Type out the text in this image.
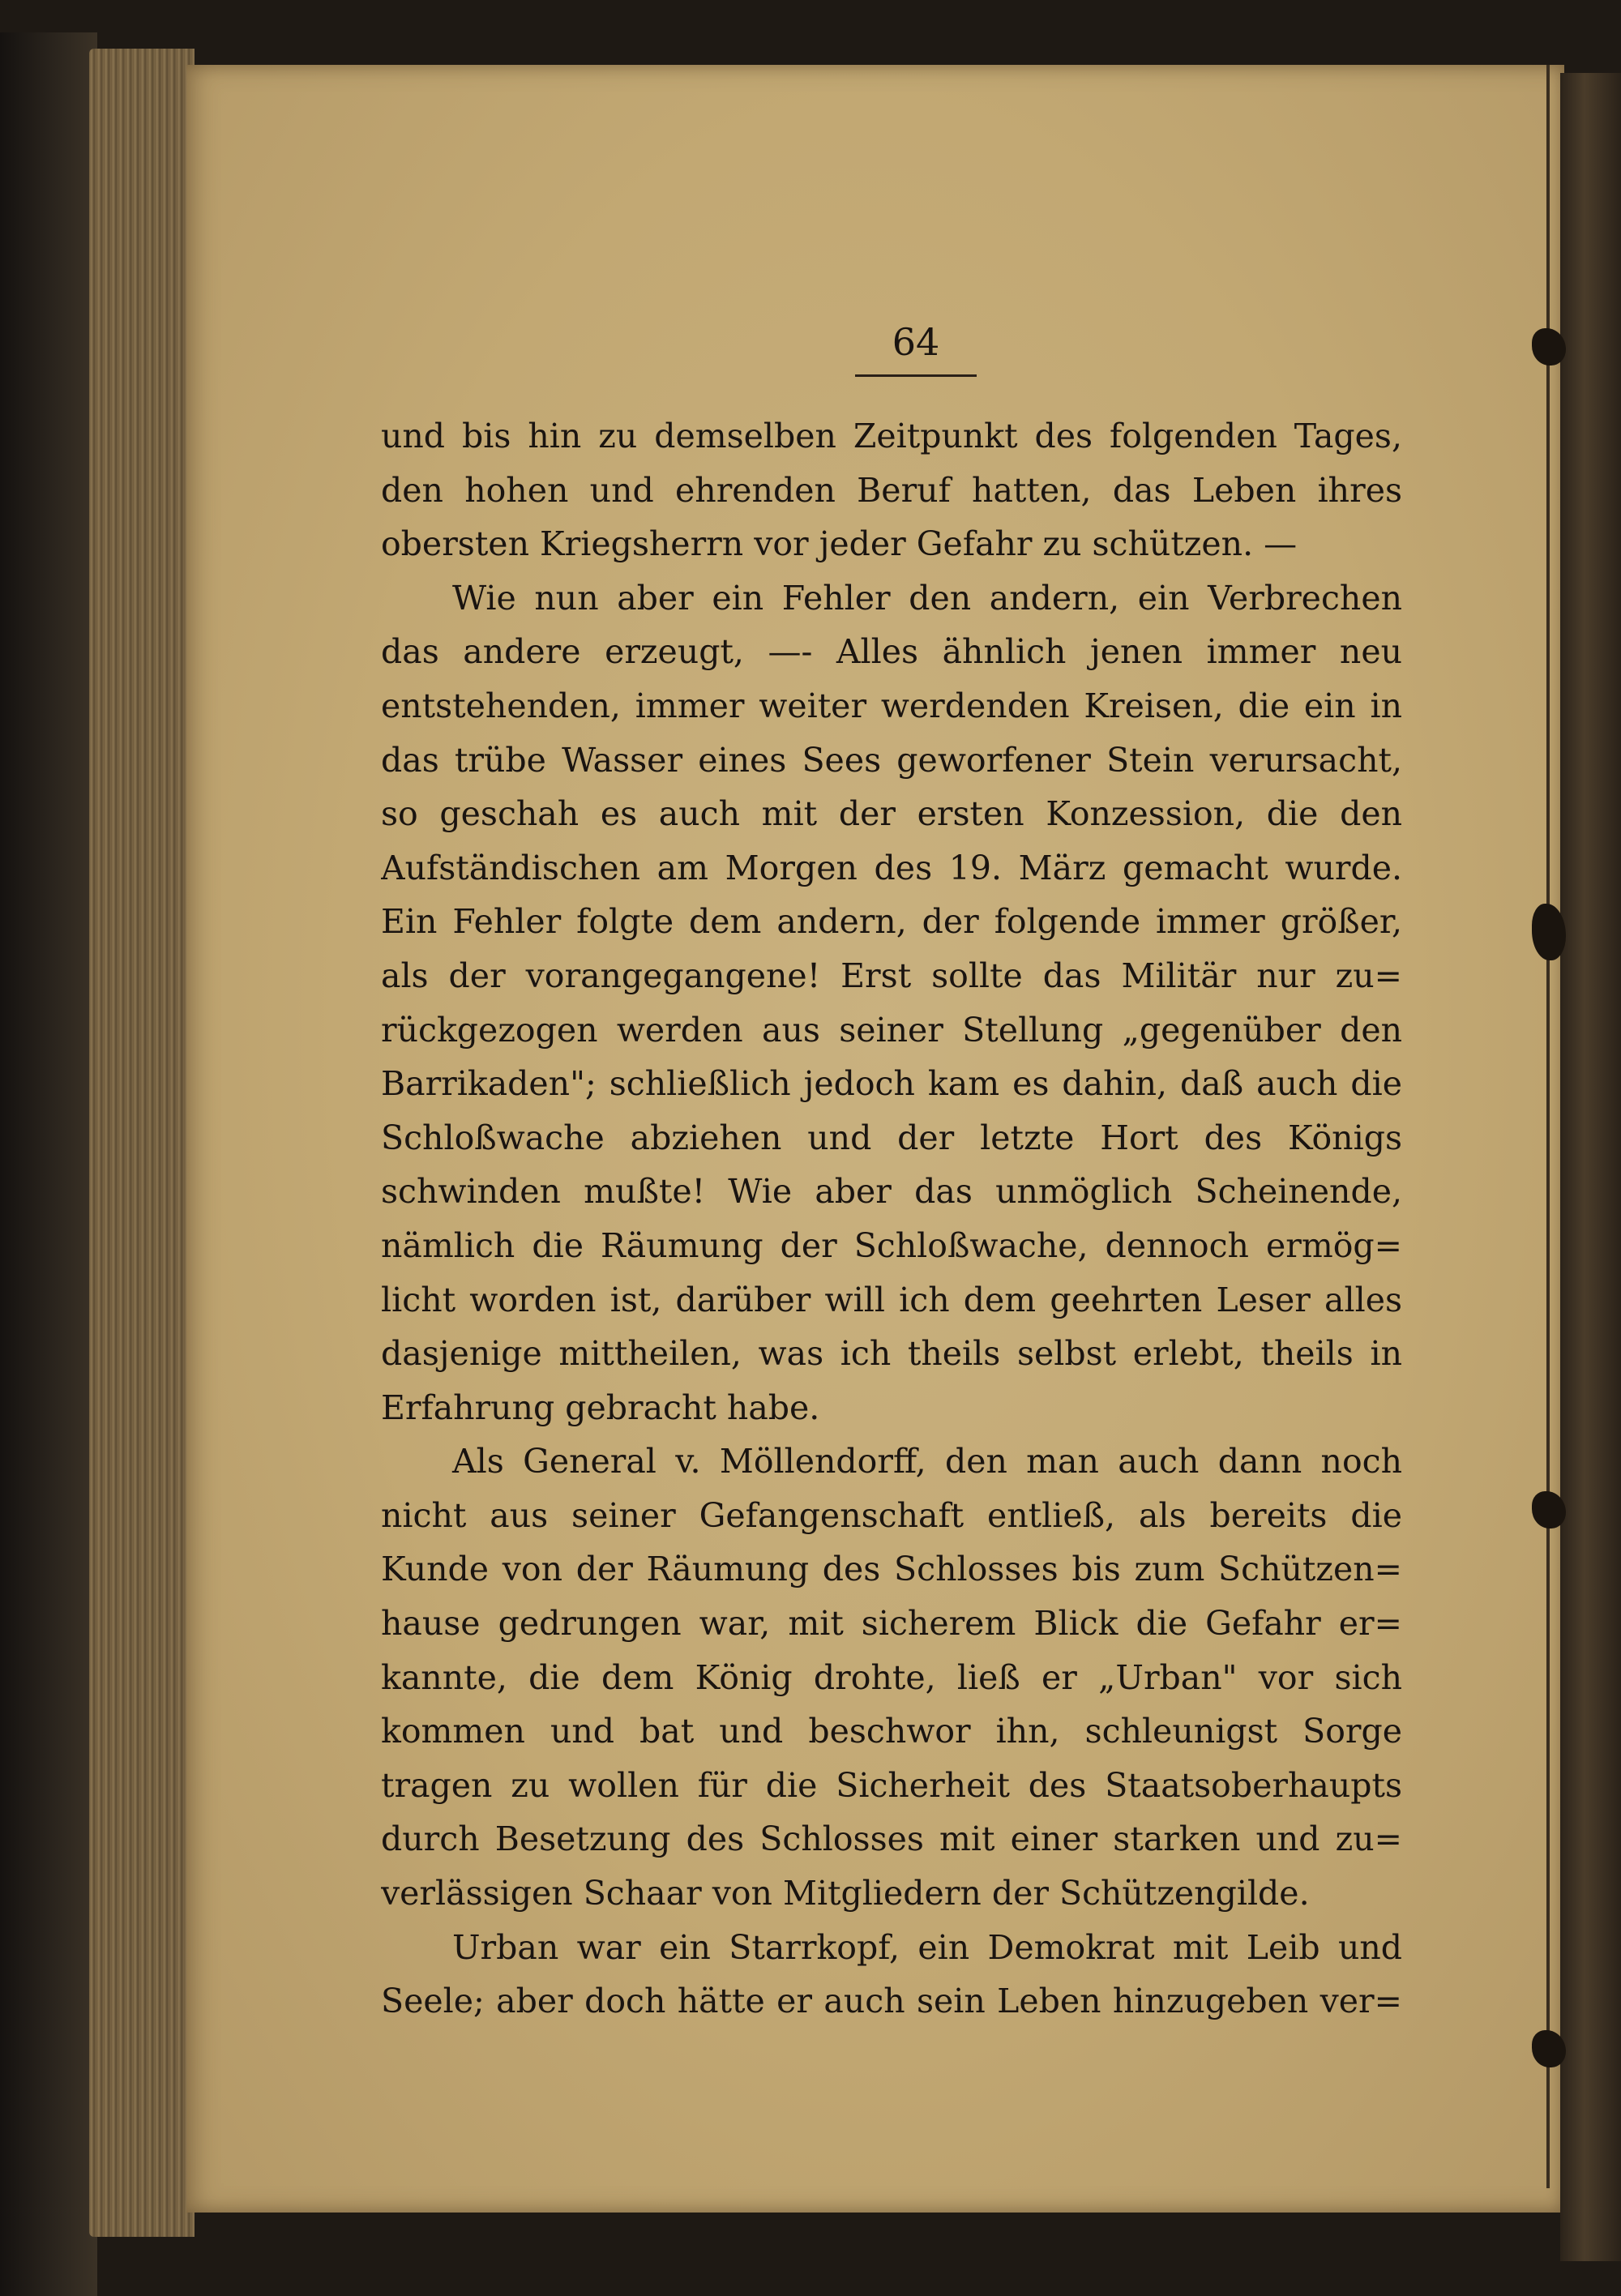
64
und bis hin zu demselben Zeitpunkt des folgenden Tages,
den hohen und ehrenden Beruf hatten, das Leben ihres
obersten Kriegsherrn vor jeder Gefahr zu schützen. —
Wie nun aber ein Fehler den andern, ein Verbrechen
das andere erzeugt, —- Alles ähnlich jenen immer neu
entstehenden, immer weiter werdenden Kreisen, die ein in
das trübe Wasser eines Sees geworfener Stein verursacht,
so geschah es auch mit der ersten Konzession, die den
Aufständischen am Morgen des 19. März gemacht wurde.
Ein Fehler folgte dem andern, der folgende immer größer,
als der vorangegangene! Erst sollte das Militär nur zu=
rückgezogen werden aus seiner Stellung „gegenüber den
Barrikaden"; schließlich jedoch kam es dahin, daß auch die
Schloßwache abziehen und der letzte Hort des Königs
schwinden mußte! Wie aber das unmöglich Scheinende,
nämlich die Räumung der Schloßwache, dennoch ermög=
licht worden ist, darüber will ich dem geehrten Leser alles
dasjenige mittheilen, was ich theils selbst erlebt, theils in
Erfahrung gebracht habe.
Als General v. Möllendorff, den man auch dann noch
nicht aus seiner Gefangenschaft entließ, als bereits die
Kunde von der Räumung des Schlosses bis zum Schützen=
hause gedrungen war, mit sicherem Blick die Gefahr er=
kannte, die dem König drohte, ließ er „Urban" vor sich
kommen und bat und beschwor ihn, schleunigst Sorge
tragen zu wollen für die Sicherheit des Staatsoberhaupts
durch Besetzung des Schlosses mit einer starken und zu=
verlässigen Schaar von Mitgliedern der Schützengilde.
Urban war ein Starrkopf, ein Demokrat mit Leib und
Seele; aber doch hätte er auch sein Leben hinzugeben ver=
